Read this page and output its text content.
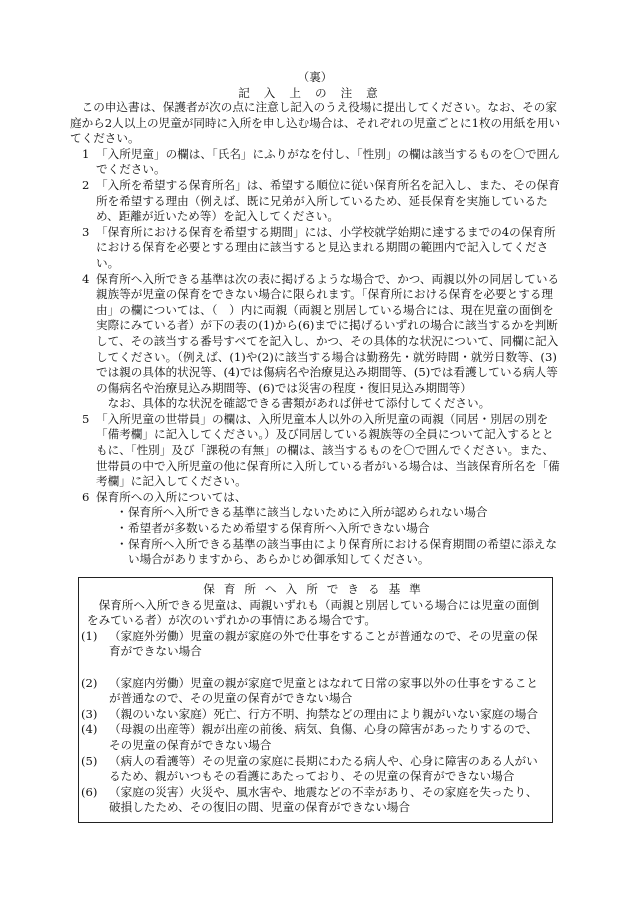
（裏）
記入上の注意

この申込書は、保護者が次の点に注意し記入のうえ役場に提出してください。なお、その家庭から2人以上の児童が同時に入所を申し込む場合は、それぞれの児童ごとに1枚の用紙を用いてください。

1 「入所児童」の欄は、「氏名」にふりがなを付し、「性別」の欄は該当するものを〇で囲んでください。
2 「入所を希望する保育所名」は、希望する順位に従い保育所名を記入し、また、その保育所を希望する理由（例えば、既に兄弟が入所しているため、延長保育を実施しているため、距離が近いため等）を記入してください。
3 「保育所における保育を希望する期間」には、小学校就学始期に達するまでの4の保育所における保育を必要とする理由に該当すると見込まれる期間の範囲内で記入してください。
4 保育所へ入所できる基準は次の表に掲げるような場合で、かつ、両親以外の同居している親族等が児童の保育をできない場合に限られます。「保育所における保育を必要とする理由」の欄については、（　）内に両親（両親と別居している場合には、現在児童の面倒を実際にみている者）が下の表の(1)から(6)までに掲げるいずれの場合に該当するかを判断して、その該当する番号すべてを記入し、かつ、その具体的な状況について、同欄に記入してください。（例えば、(1)や(2)に該当する場合は勤務先・就労時間・就労日数等、(3)では親の具体的状況等、(4)では傷病名や治療見込み期間等、(5)では看護している病人等の傷病名や治療見込み期間等、(6)では災害の程度・復旧見込み期間等）

なお、具体的な状況を確認できる書類があれば併せて添付してください。

5 「入所児童の世帯員」の欄は、入所児童本人以外の入所児童の両親（同居・別居の別を「備考欄」に記入してください。）及び同居している親族等の全員について記入するとともに、「性別」及び「課税の有無」の欄は、該当するものを〇で囲んでください。また、世帯員の中で入所児童の他に保育所に入所している者がいる場合は、当該保育所名を「備考欄」に記入してください。
6 保育所への入所については、
・ 保育所へ入所できる基準に該当しないために入所が認められない場合
・ 希望者が多数いるため希望する保育所へ入所できない場合
・ 保育所へ入所できる基準の該当事由により保育所における保育期間の希望に添えない場合がありますから、あらかじめ御承知してください。
保育所へ入所できる基準

保育所へ入所できる児童は、両親いずれも（両親と別居している場合には児童の面倒をみている者）が次のいずれかの事情にある場合です。

(1) （家庭外労働）児童の親が家庭の外で仕事をすることが普通なので、その児童の保育ができない場合
(2) （家庭内労働）児童の親が家庭で児童とはなれて日常の家事以外の仕事をすることが普通なので、その児童の保育ができない場合
(3) （親のいない家庭）死亡、行方不明、拘禁などの理由により親がいない家庭の場合
(4) （母親の出産等）親が出産の前後、病気、負傷、心身の障害があったりするので、その児童の保育ができない場合
(5) （病人の看護等）その児童の家庭に長期にわたる病人や、心身に障害のある人がいるため、親がいつもその看護にあたっており、その児童の保育ができない場合
(6) （家庭の災害）火災や、風水害や、地震などの不幸があり、その家庭を失ったり、破損したため、その復旧の間、児童の保育ができない場合
